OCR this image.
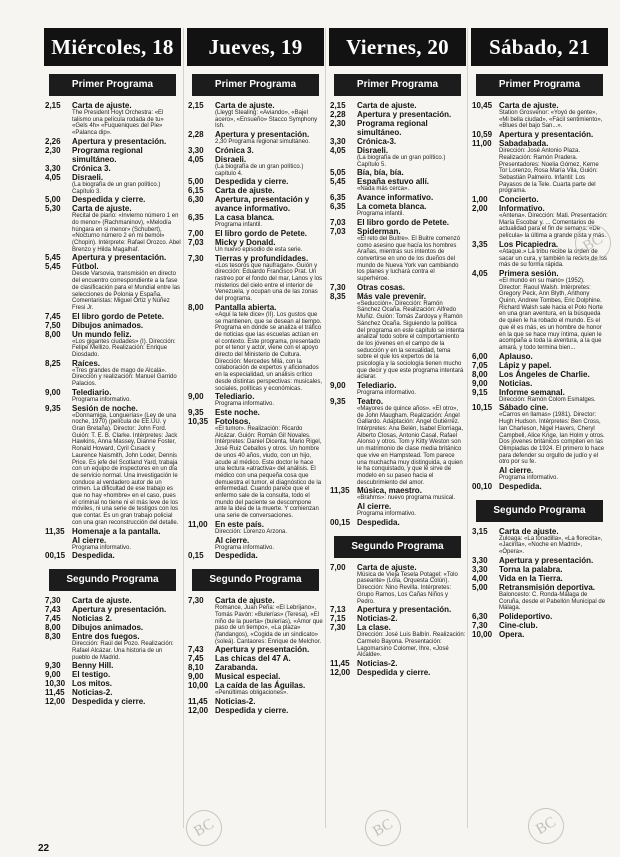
Miércoles, 18
Primer Programa
2,15	Carta de ajuste.
The President Hoyt Orchestra: «El talismo una película rodada de tu» «Gels 4h» «Fuqueniques del Pie» «Palanca dip».
2,26	Apertura y presentación.
2,30	Programa regional simultáneo.
3,30	Crónica 3.
4,05	Disraeli.
(La biografía de un gran político.) Capítulo 3.
5,00	Despedida y cierre.
5,30	Carta de ajuste.
Recital de piano: «Invierno número 1 en do menor» (Rachmaninov), «Melodía húngara en si menor» (Schubert), «Nocturno número 2 en mi bemol» (Chopin). Intérprete: Rafael Orozco. Abel Brenzo y Hilda Magalhaf.
5,45	Apertura y presentación.
5,45	Fútbol.
Desde Varsovia, transmisión en directo del encuentro correspondiente a la fase de clasificación para el Mundial entre las selecciones de Polonia y España. Comentaristas: Miguel Ortiz y Núñez Fresi Jr.
7,45	El libro gordo de Petete.
7,50	Dibujos animados.
8,00	Un mundo feliz.
«Los gigantes ciudades» (I). Dirección: Felipe Mellizo. Realización: Enrique Diosdado.
8,25	Raíces.
«Tres grandes de mago de Alcalá». Dirección y realización: Manuel Garrido Palacios.
9,00	Telediario.
Programa informativo.
9,35	Sesión de noche.
«Donnamiga, Longuerías» (Ley de una noche, 1970) (película de EE.UU. y Gran Bretaña). Director: John Ford. Guión: T. E. B. Clarke. Intérpretes: Jack Hawkins, Anna Massey, Dianne Foster, Ronald Howard, Cyril Cusack y Laurence Naismith, John Loder, Dennis Price. Es jefe del Scotland Yard, trabaja con un equipo de inspectores en un día de servicio normal. Una investigación le conduce al verdadero autor de un crimen. La dificultad de ese trabajo es que no hay «hombre» en el caso, pues el criminal no tiene ni el más leve de los móviles, ni una serie de testigos con los que contar. Es un gran trabajo policial con una gran reconstrucción del detalle.
11,35 Homenaje a la pantalla.
Al cierre.
Programa informativo.
00,15 Despedida.
Segundo Programa
7,30	Carta de ajuste.
7,43	Apertura y presentación.
7,45	Noticias 2.
8,00	Dibujos animados.
8,30	Entre dos fuegos.
Dirección: Raúl del Pozo. Realización: Rafael Alcázar. Una historia de un pueblo de Madrid.
9,30	Benny Hill.
9,00	El testigo.
10,30 Los mitos.
11,45 Noticias-2.
12,00 Despedida y cierre.
Jueves, 19
Primer Programa
2,15	Carta de ajuste.
(Lleygt Stealing: «Aviando», «Bajel acero», «Ensueño» Stacco Symphony Ish.
2,28	Apertura y presentación.
2,30 Programa regional simultáneo.
3,30	Crónica 3.
4,05	Disraeli.
(La biografía de un gran político.) capítulo 4.
5,00	Despedida y cierre.
6,15	Carta de ajuste.
6,30	Apertura, presentación y avance informativo.
6,35	La casa blanca.
Programa infantil.
7,00	El libro gordo de Petete.
7,03	Micky y Donald.
Un nuevo episodio de esta serie.
7,30	Tierras y profundidades.
«Los tesoros que naufragan». Guión y dirección: Eduardo Francisco Prat. Un rastreo por el fondo del mar, Lanos y los misterios del cielo entre el interior de Venezuela, y ocupan una de las zonas del programa.
8,00	Pantalla abierta.
«Aquí la tele dice» (II). Los gustos que se mantienen, que se desean al tiempo. Programa en donde se analiza el tráfico de noticias que las escuelas actúan en el contexto. Este programa, presentado por el tenor y actor, viene con el apoyo directo del Ministerio de Cultura. Dirección: Mercedes Milá, con la colaboración de expertos y aficionados en la especialidad, un análisis crítico desde distintas perspectivas: musicales, sociales, políticas y económicas.
9,00	Telediario.
Programa informativo.
9,35	Este noche.
10,35 Fotolsos.
«El tumor». Realización: Ricardo Alcázar. Guión: Román Gil Novales. Intérpretes: Daniel Dicenta, Mario Rigel, José Ruiz Ceballos y otros. Un hombre de unos 40 años, viudo, con un hijo, acude al médico. Este doctor le hace una lectura «atractiva» del análisis. El médico con una pequeña cosa que demuestra el tumor, el diagnóstico de la enfermedad. Cuando parece que el enfermo sale de la consulta, todo el mundo del paciente se descompone ante la idea de la muerte. Y comienzan una serie de conversaciones.
11,00 En este país.
Dirección: Lorenzo Arzona.
Al cierre.
Programa informativo.
0,15	Despedida.
Segundo Programa
7,30	Carta de ajuste.
Romance, Juan Peña: «El Lebrijano», Tomás Pavón: «Bulerías» (Teresa), «El niño de la puerta» (bulerías), «Amor que paso de un tiempo», «La plaza» (fandangos), «Cogida de un sindicato» (soleá). Cantaores: Enrique de Melchor.
7,43	Apertura y presentación.
7,45	Las chicas del 47 A.
8,10	Zarabanda.
9,00	Musical especial.
10,00 La caída de las Águilas.
«Penúltimas obligaciones».
11,45 Noticias-2.
12,00 Despedida y cierre.
Viernes, 20
Primer Programa
2,15	Carta de ajuste.
2,28	Apertura y presentación.
2,30	Programa regional simultáneo.
3,30	Crónica-3.
4,05	Disraeli.
(La biografía de un gran político.) Capítulo 5.
5,05	Bía, bía, bía.
5,45	España estuvo allí.
«Nada más cerca».
6,35	Avance informativo.
6,35	La cometa blanca.
Programa infantil.
7,03	El libro gordo de Petete.
7,03	Spiderman.
«El reto del Buitre». El Buitre comenzó como asesino que hacía los hombres Arañas, mientras sus intentos de convertirse en uno de los dueños del mundo de Nueva York van cambiando los planes y luchará contra el superhéroe.
7,30	Otras cosas.
8,35	Más vale prevenir.
«Seducción». Dirección: Ramón Sánchez Ocaña. Realización: Alfredo Muñiz. Guión: Tomás Zardoya y Ramón Sánchez Ocaña. Siguiendo la política del programa en este capítulo se intenta analizar todo sobre el comportamiento de los jóvenes en el campo de la seducción y en la sexualidad, tema sobre el que los expertos de la psicología y la sociología tienen mucho que decir y que este programa intentará aclarar.
9,00	Telediario.
Programa informativo.
9,35	Teatro.
«Mayores de quince años». «El otro», de John Maugham. Realización: Ángel Gallardo. Adaptación: Ángel Gutiérrez. Intérpretes: Ana Belén, Isabel Elorriaga, Alberto Closas, Antonio Casal, Rafael Alonso y otros. Tom y Kitty Weston son un matrimonio de clase media británico que vive en Hampstead. Tom parece una muchacha muy distinguida, a quien le ha conquistado, y que le sirve de modelo en su paseo hacia el descubrimiento del amor.
11,35 Música, maestro.
«Brahms»: nuevo programa musical.
Al cierre.
Programa informativo.
00,15 Despedida.
Segundo Programa
7,00	Carta de ajuste.
Música de Vieja Tesela Potagel: «Tolo paseante» (Lola, Orquesta Colún). Dirección: Nino Revilla. Intérpretes: Grupo Ramos, Los Cañas Niños y Pedro.
7,13	Apertura y presentación.
7,15	Noticias-2.
7,30	La clase.
Dirección: José Luis Balbín. Realización: Carmelo Bayona. Presentación: Lagomarsino Colomer, Ihre, «José Alcalde».
11,45 Noticias-2.
12,00 Despedida y cierre.
Sábado, 21
Primer Programa
10,45 Carta de ajuste.
Station Grosvenor: «Yoyó de gente», «Mi bella ciudad», «Fácil sentimiento», «Blues del bajo San...».
10,59 Apertura y presentación.
11,00 Sabadabada.
Dirección: José Antonio Plaza. Realización: Ramón Pradera. Presentadores: Noelia Gómez, Kerne Tor Lorenzo, Rosa María Vila, Guión: Sebastián Palmeiro. Infantil: Los Payasos de la Tele. Cuarta parte del programa.
1,00	Concierto.
2,00	Informativo.
«Antena». Dirección: Mati. Presentación: María Escobar y. ... Comentarios de actualidad para el fin de semana. «De película» la última a grande pista y más.
3,35	Los Picapiedra.
«Ataque.» La tribu recibe la orden de sacar un cura, y también la receta de los más de su forma rápida.
4,05	Primera sesión.
«El mundo en su mano» (1952). Director: Raoul Walsh. Intérpretes: Gregory Peck, Ann Blyth, Anthony Quinn, Andrew Tombes, Eric Dolphine. Richard Walsh sale hacia el Polo Norte en una gran aventura, en la búsqueda de quien le ha robado el mundo. Es el que él es más, es un hombre de honor en la que se hace muy íntima, quien le acompaña a toda la aventura, a la que amará, y todo termina bien...
6,00	Aplauso.
7,05	Lápiz y papel.
8,00	Los Ángeles de Charlie.
9,00	Noticias.
9,15	Informe semanal.
Dirección: Ramón Colom Esmatges.
10,15 Sábado cine.
«Carros en llamas» (1981). Director: Hugh Hudson. Intérpretes: Ben Cross, Ian Charleson, Nigel Havers, Cheryl Campbell, Alice Krige, Ian Holm y otros. Dos jóvenes británicos compiten en las Olimpiadas de 1924. El primero lo hace para defender su orgullo de judío y el otro por su fe.
Al cierre.
Programa informativo.
00,10 Despedida.
Segundo Programa
3,15	Carta de ajuste.
Zuloaga: «La tonadilla», «La florecita», «Jacinta», «Noche en Madrid», «Ópera».
3,30	Apertura y presentación.
3,30	Torna la palabra.
4,00	Vida en la Tierra.
5,00	Retransmisión deportiva.
Baloncesto: C. Ronda-Málaga de Coruña, desde el Pabellón Municipal de Málaga.
6,30	Polideportivo.
7,30	Cine-club.
10,00 Opera.
22
BC	BC	BC
BC
